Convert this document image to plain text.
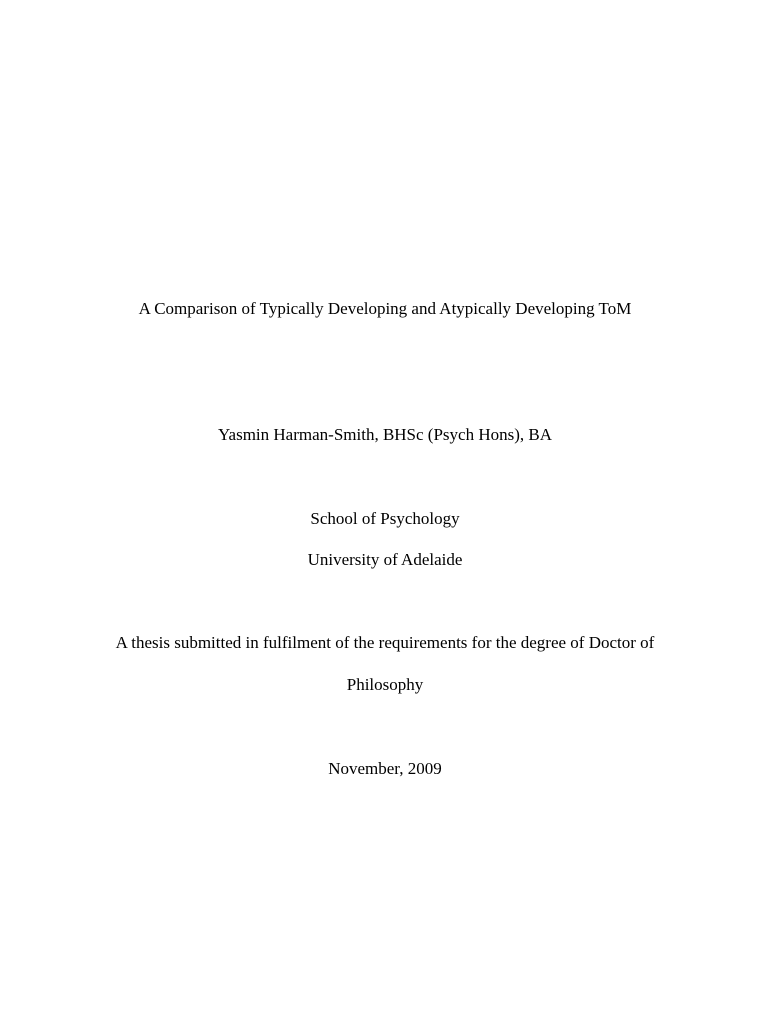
A Comparison of Typically Developing and Atypically Developing ToM
Yasmin Harman-Smith, BHSc (Psych Hons), BA
School of Psychology
University of Adelaide
A thesis submitted in fulfilment of the requirements for the degree of Doctor of
Philosophy
November, 2009
